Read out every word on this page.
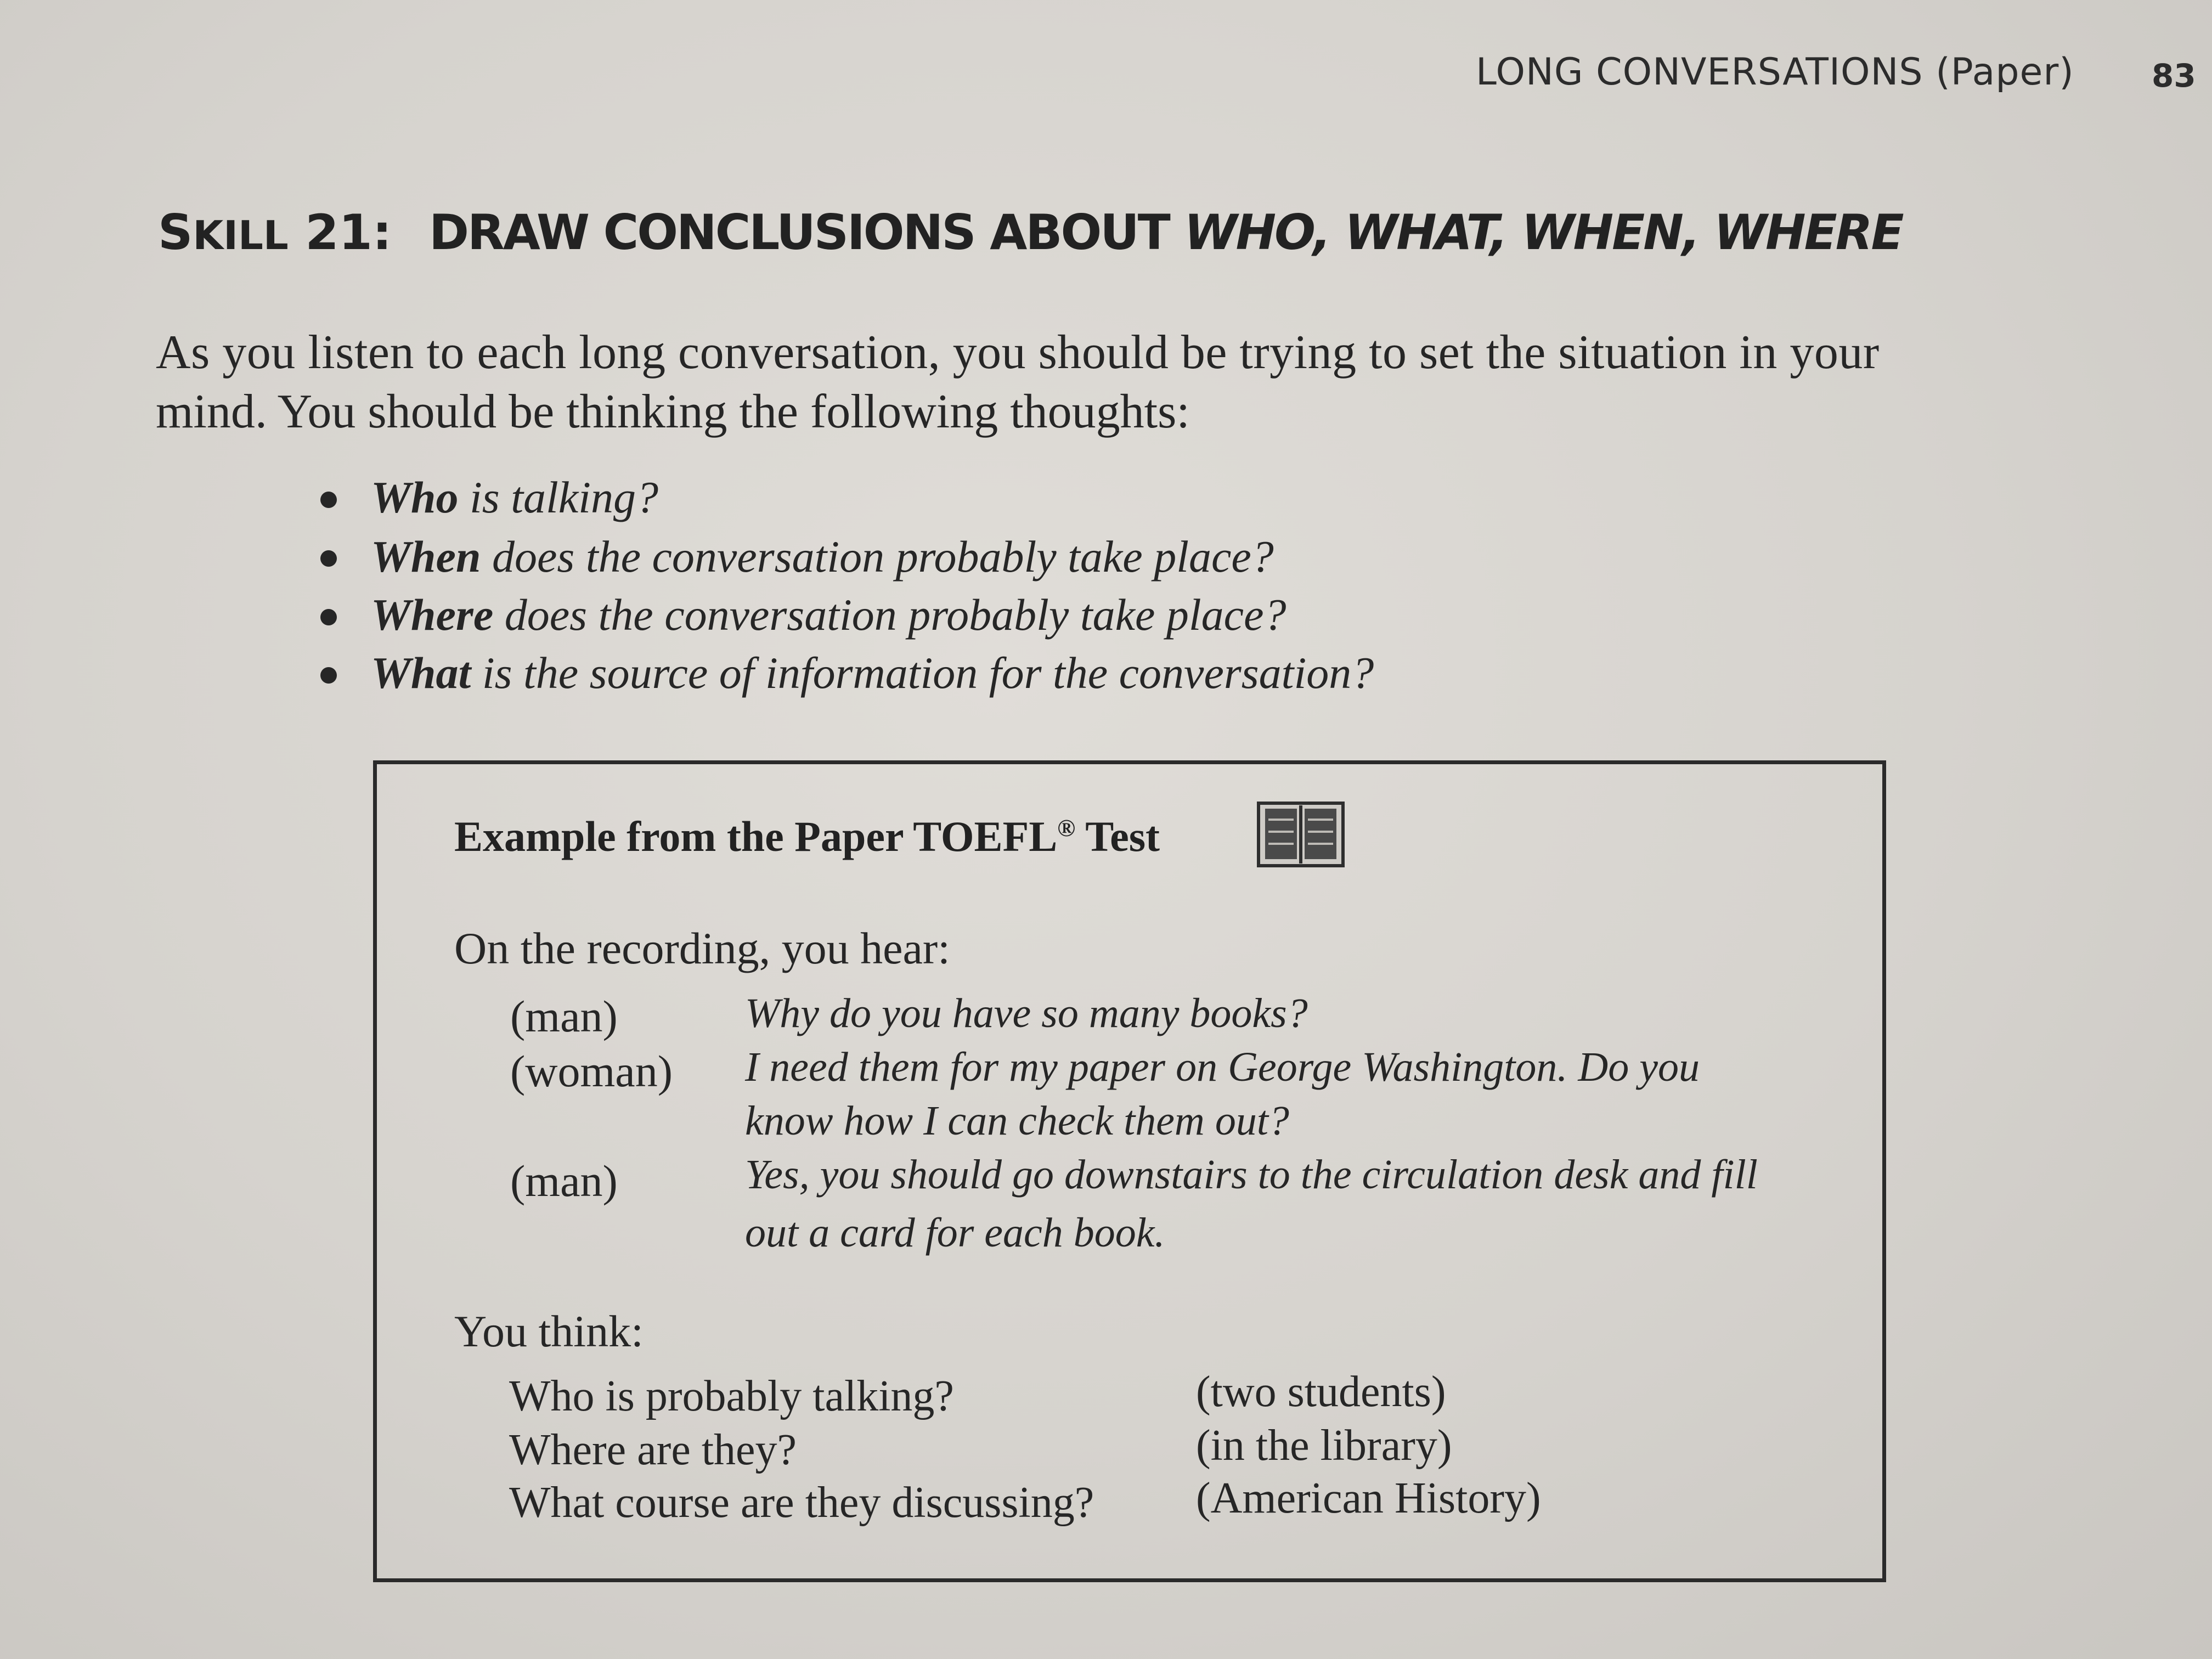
LONG CONVERSATIONS (Paper) 83
SKILL 21: DRAW CONCLUSIONS ABOUT WHO, WHAT, WHEN, WHERE
As you listen to each long conversation, you should be trying to set the situation in your
mind. You should be thinking the following thoughts:
Who is talking?
When does the conversation probably take place?
Where does the conversation probably take place?
What is the source of information for the conversation?
Example from the Paper TOEFL® Test
On the recording, you hear:
(man)	Why do you have so many books?
(woman) I need them for my paper on George Washington. Do you
know how I can check them out?
(man)	Yes, you should go downstairs to the circulation desk and fill
out a card for each book.
You think:
Who is probably talking?	(two students)
Where are they?	(in the library)
What course are they discussing? (American History)
